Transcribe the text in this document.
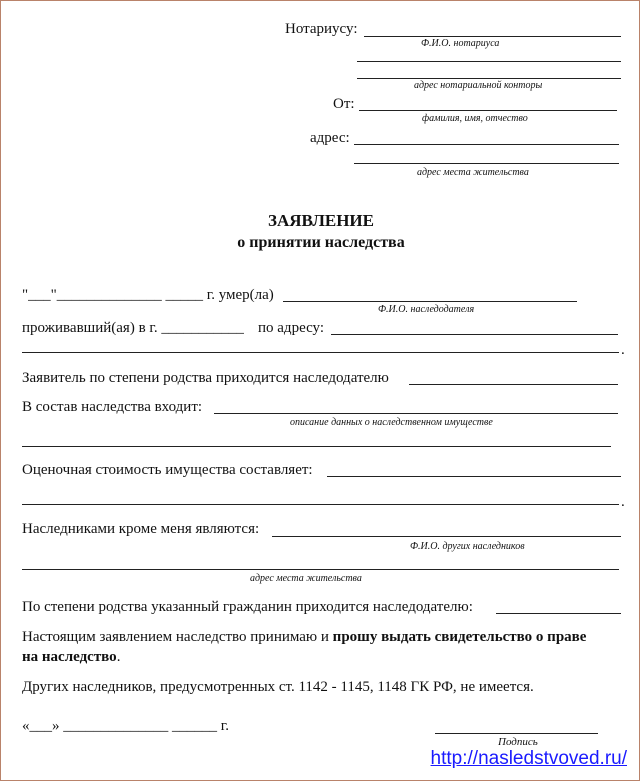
Нотариусу:
Ф.И.О. нотариуса
адрес нотариальной конторы
От:
фамилия, имя, отчество
адрес:
адрес места жительства
ЗАЯВЛЕНИЕ
о принятии наследства
"___"______________ _____ г. умер(ла)
Ф.И.О. наследодателя
проживавший(ая) в г. ___________ по адресу:
.
Заявитель по степени родства приходится наследодателю
В состав наследства входит:
описание данных о наследственном имуществе
Оценочная стоимость имущества составляет:
.
Наследниками кроме меня являются:
Ф.И.О. других наследников
адрес места жительства
По степени родства указанный гражданин приходится наследодателю:
Настоящим заявлением наследство принимаю и прошу выдать свидетельство о праве
на наследство.
Других наследников, предусмотренных ст. 1142 - 1145, 1148 ГК РФ, не имеется.
«___» ______________ ______ г.
Подпись
http://nasledstvoved.ru/
